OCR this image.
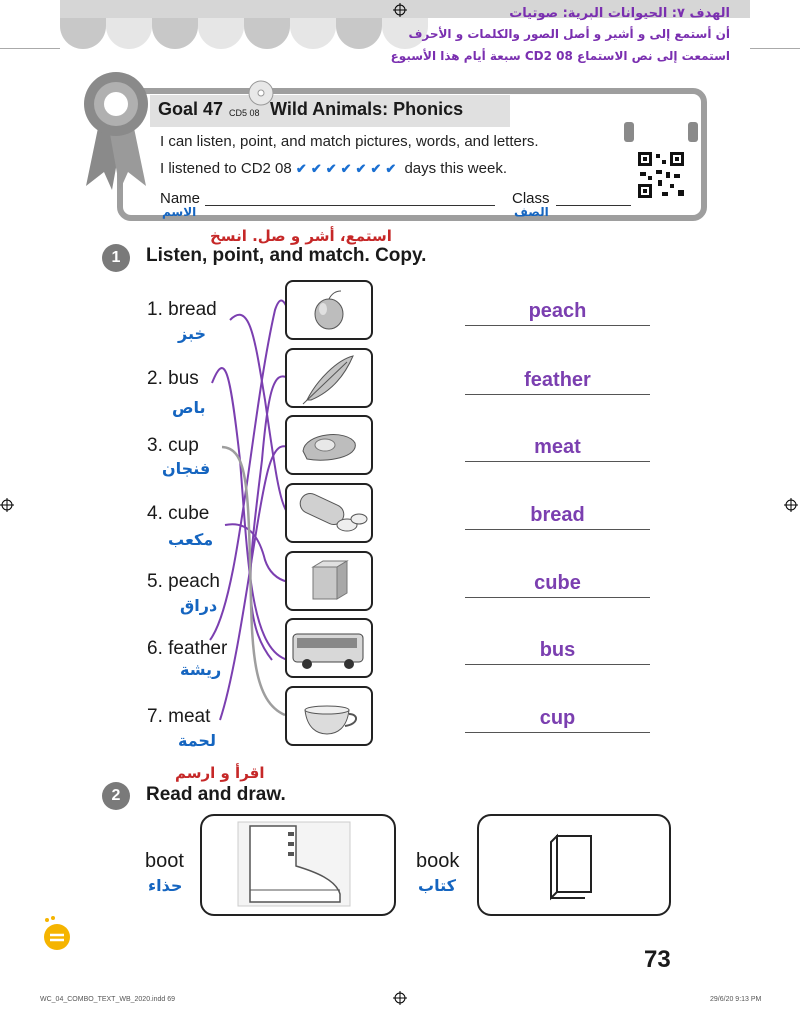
الهدف ٧: الحيوانات البرية: صوتيات
أن أستمع إلى و أشير و أصل الصور والكلمات و الأحرف
استمعت إلى نص الاستماع CD2 08 سبعة أيام هذا الأسبوع
Goal 47 CD5 08 Wild Animals: Phonics
I can listen, point, and match pictures, words, and letters.
I listened to CD2 08 ✔ ✔ ✔ ✔ ✔ ✔ ✔ days this week.
Name
الاسم
Class
الصف
استمع، أشر و صل. انسخ
1	Listen, point, and match. Copy.
1. bread
خبز
2. bus
باص
3. cup
فنجان
4. cube
مكعب
5. peach
دراق
6. feather
ريشة
7. meat
لحمة
peach
feather
meat
bread
cube
bus
cup
اقرأ و ارسم
2	Read and draw.
boot
حذاء
book
كتاب
73
WC_04_COMBO_TEXT_WB_2020.indd 69	29/6/20 9:13 PM
